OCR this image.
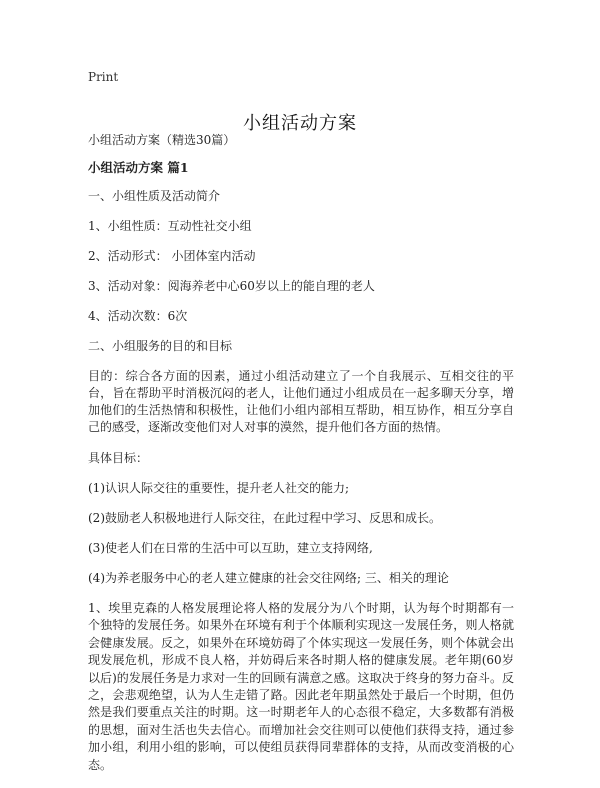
Print
小组活动方案

小组活动方案（精选30篇）

小组活动方案 篇1

一、小组性质及活动简介

1、小组性质：互动性社交小组

2、活动形式： 小团体室内活动

3、活动对象：阅海养老中心60岁以上的能自理的老人

4、活动次数：6次

二、小组服务的目的和目标

目的：综合各方面的因素，通过小组活动建立了一个自我展示、互相交往的平台，旨在帮助平时消极沉闷的老人，让他们通过小组成员在一起多聊天分享，增加他们的生活热情和积极性，让他们小组内部相互帮助，相互协作，相互分享自己的感受，逐渐改变他们对人对事的漠然，提升他们各方面的热情。

具体目标：

(1)认识人际交往的重要性，提升老人社交的能力;

(2)鼓励老人积极地进行人际交往，在此过程中学习、反思和成长。

(3)使老人们在日常的生活中可以互助，建立支持网络,

(4)为养老服务中心的老人建立健康的社会交往网络; 三、相关的理论

1、埃里克森的人格发展理论将人格的发展分为八个时期，认为每个时期都有一个独特的发展任务。如果外在环境有利于个体顺利实现这一发展任务，则人格就会健康发展。反之，如果外在环境妨碍了个体实现这一发展任务，则个体就会出现发展危机，形成不良人格，并妨碍后来各时期人格的健康发展。老年期(60岁以后)的发展任务是力求对一生的回顾有满意之感。这取决于终身的努力奋斗。反之，会悲观绝望，认为人生走错了路。因此老年期虽然处于最后一个时期，但仍然是我们要重点关注的时期。这一时期老年人的心态很不稳定，大多数都有消极的思想，面对生活也失去信心。而增加社会交往则可以使他们获得支持，通过参加小组，利用小组的影响，可以使组员获得同辈群体的支持，从而改变消极的心态。
